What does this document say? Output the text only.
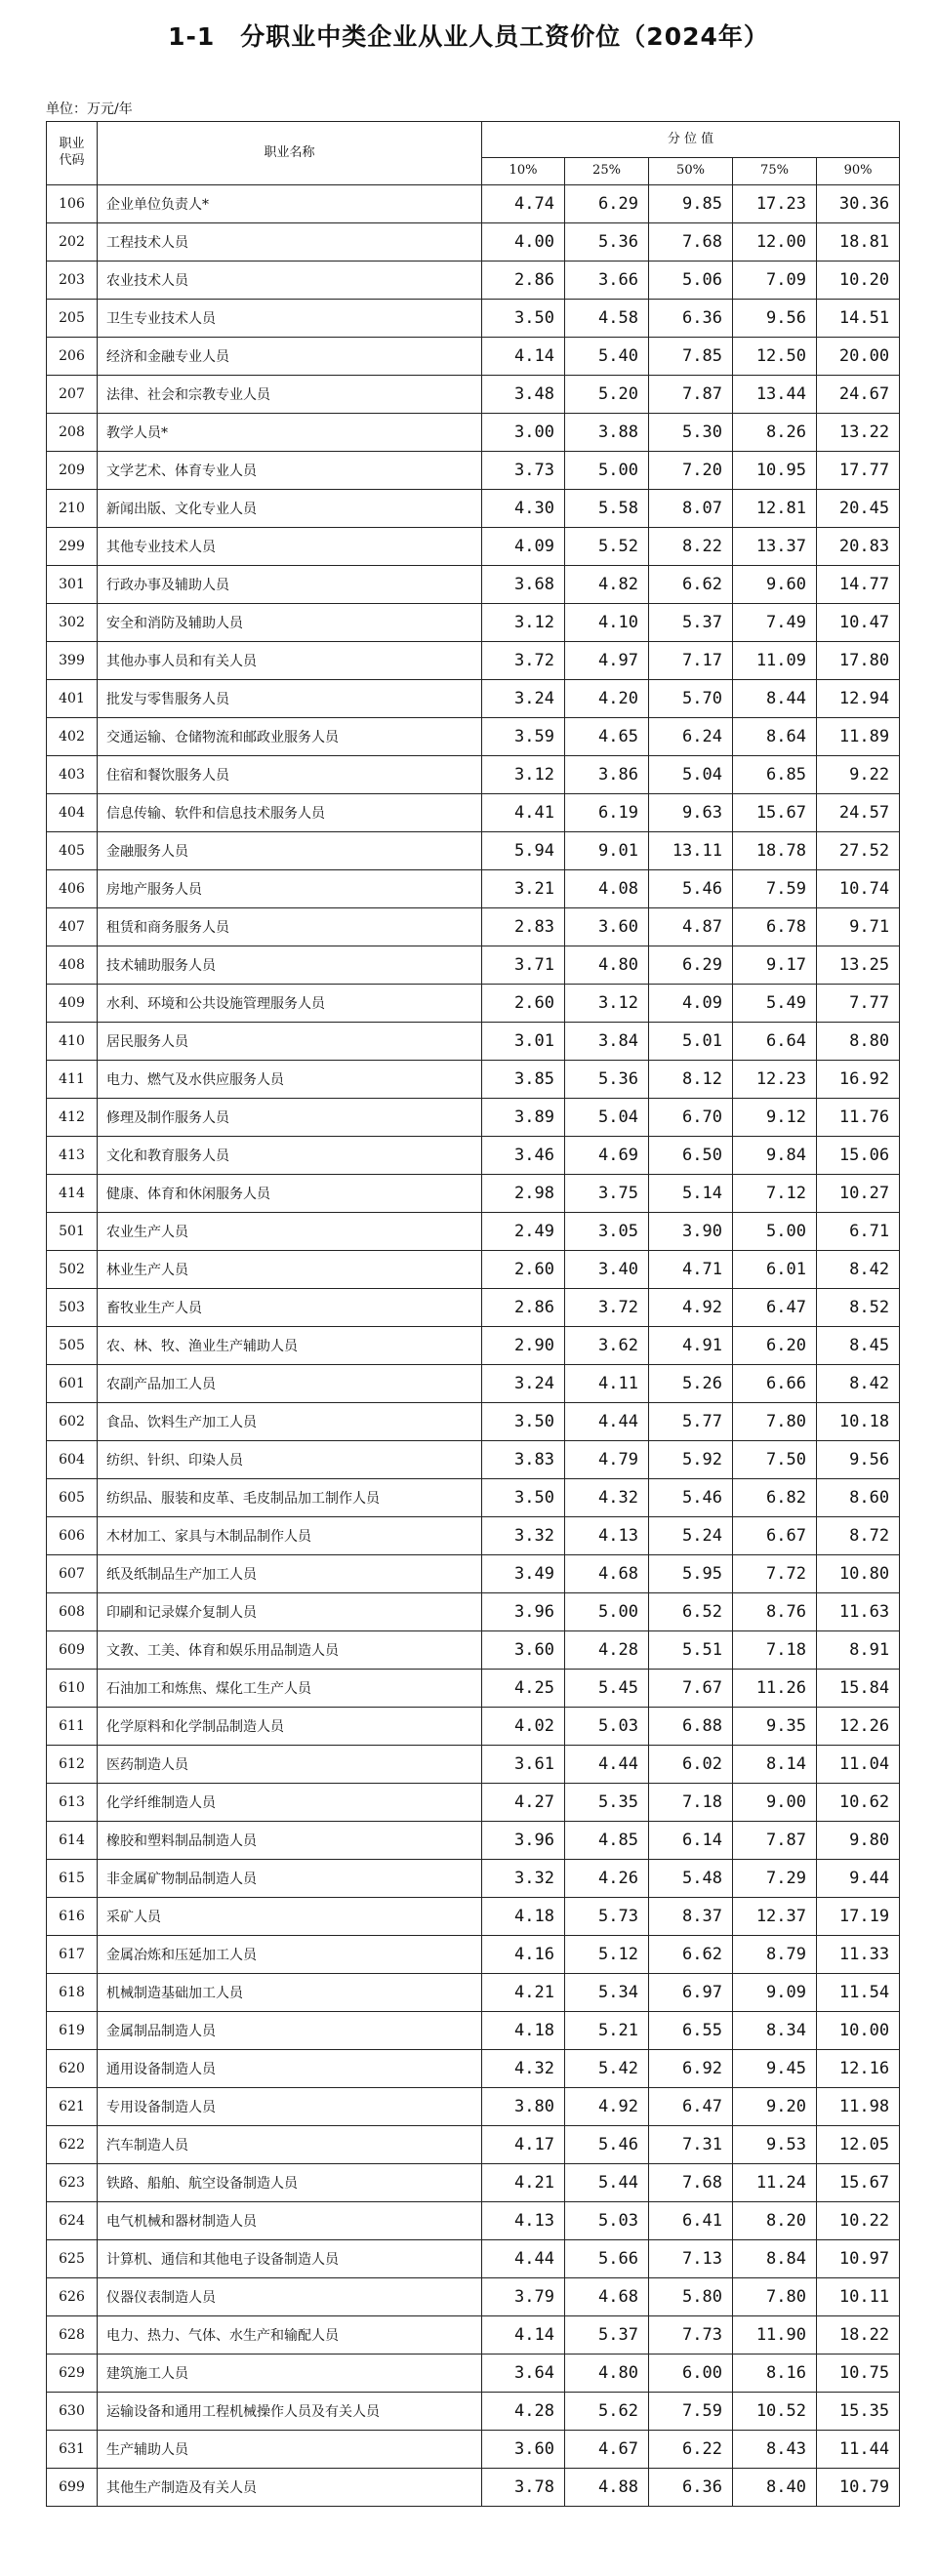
1-1　分职业中类企业从业人员工资价位（2024年）
单位：万元/年
职业
代码	职业名称	分 位 值				
		10%	25%	50%	75%	90%
106	企业单位负责人*	4.74	6.29	9.85	17.23	30.36
202	工程技术人员	4.00	5.36	7.68	12.00	18.81
203	农业技术人员	2.86	3.66	5.06	7.09	10.20
205	卫生专业技术人员	3.50	4.58	6.36	9.56	14.51
206	经济和金融专业人员	4.14	5.40	7.85	12.50	20.00
207	法律、社会和宗教专业人员	3.48	5.20	7.87	13.44	24.67
208	教学人员*	3.00	3.88	5.30	8.26	13.22
209	文学艺术、体育专业人员	3.73	5.00	7.20	10.95	17.77
210	新闻出版、文化专业人员	4.30	5.58	8.07	12.81	20.45
299	其他专业技术人员	4.09	5.52	8.22	13.37	20.83
301	行政办事及辅助人员	3.68	4.82	6.62	9.60	14.77
302	安全和消防及辅助人员	3.12	4.10	5.37	7.49	10.47
399	其他办事人员和有关人员	3.72	4.97	7.17	11.09	17.80
401	批发与零售服务人员	3.24	4.20	5.70	8.44	12.94
402	交通运输、仓储物流和邮政业服务人员	3.59	4.65	6.24	8.64	11.89
403	住宿和餐饮服务人员	3.12	3.86	5.04	6.85	9.22
404	信息传输、软件和信息技术服务人员	4.41	6.19	9.63	15.67	24.57
405	金融服务人员	5.94	9.01	13.11	18.78	27.52
406	房地产服务人员	3.21	4.08	5.46	7.59	10.74
407	租赁和商务服务人员	2.83	3.60	4.87	6.78	9.71
408	技术辅助服务人员	3.71	4.80	6.29	9.17	13.25
409	水利、环境和公共设施管理服务人员	2.60	3.12	4.09	5.49	7.77
410	居民服务人员	3.01	3.84	5.01	6.64	8.80
411	电力、燃气及水供应服务人员	3.85	5.36	8.12	12.23	16.92
412	修理及制作服务人员	3.89	5.04	6.70	9.12	11.76
413	文化和教育服务人员	3.46	4.69	6.50	9.84	15.06
414	健康、体育和休闲服务人员	2.98	3.75	5.14	7.12	10.27
501	农业生产人员	2.49	3.05	3.90	5.00	6.71
502	林业生产人员	2.60	3.40	4.71	6.01	8.42
503	畜牧业生产人员	2.86	3.72	4.92	6.47	8.52
505	农、林、牧、渔业生产辅助人员	2.90	3.62	4.91	6.20	8.45
601	农副产品加工人员	3.24	4.11	5.26	6.66	8.42
602	食品、饮料生产加工人员	3.50	4.44	5.77	7.80	10.18
604	纺织、针织、印染人员	3.83	4.79	5.92	7.50	9.56
605	纺织品、服装和皮革、毛皮制品加工制作人员	3.50	4.32	5.46	6.82	8.60
606	木材加工、家具与木制品制作人员	3.32	4.13	5.24	6.67	8.72
607	纸及纸制品生产加工人员	3.49	4.68	5.95	7.72	10.80
608	印刷和记录媒介复制人员	3.96	5.00	6.52	8.76	11.63
609	文教、工美、体育和娱乐用品制造人员	3.60	4.28	5.51	7.18	8.91
610	石油加工和炼焦、煤化工生产人员	4.25	5.45	7.67	11.26	15.84
611	化学原料和化学制品制造人员	4.02	5.03	6.88	9.35	12.26
612	医药制造人员	3.61	4.44	6.02	8.14	11.04
613	化学纤维制造人员	4.27	5.35	7.18	9.00	10.62
614	橡胶和塑料制品制造人员	3.96	4.85	6.14	7.87	9.80
615	非金属矿物制品制造人员	3.32	4.26	5.48	7.29	9.44
616	采矿人员	4.18	5.73	8.37	12.37	17.19
617	金属冶炼和压延加工人员	4.16	5.12	6.62	8.79	11.33
618	机械制造基础加工人员	4.21	5.34	6.97	9.09	11.54
619	金属制品制造人员	4.18	5.21	6.55	8.34	10.00
620	通用设备制造人员	4.32	5.42	6.92	9.45	12.16
621	专用设备制造人员	3.80	4.92	6.47	9.20	11.98
622	汽车制造人员	4.17	5.46	7.31	9.53	12.05
623	铁路、船舶、航空设备制造人员	4.21	5.44	7.68	11.24	15.67
624	电气机械和器材制造人员	4.13	5.03	6.41	8.20	10.22
625	计算机、通信和其他电子设备制造人员	4.44	5.66	7.13	8.84	10.97
626	仪器仪表制造人员	3.79	4.68	5.80	7.80	10.11
628	电力、热力、气体、水生产和输配人员	4.14	5.37	7.73	11.90	18.22
629	建筑施工人员	3.64	4.80	6.00	8.16	10.75
630	运输设备和通用工程机械操作人员及有关人员	4.28	5.62	7.59	10.52	15.35
631	生产辅助人员	3.60	4.67	6.22	8.43	11.44
699	其他生产制造及有关人员	3.78	4.88	6.36	8.40	10.79
